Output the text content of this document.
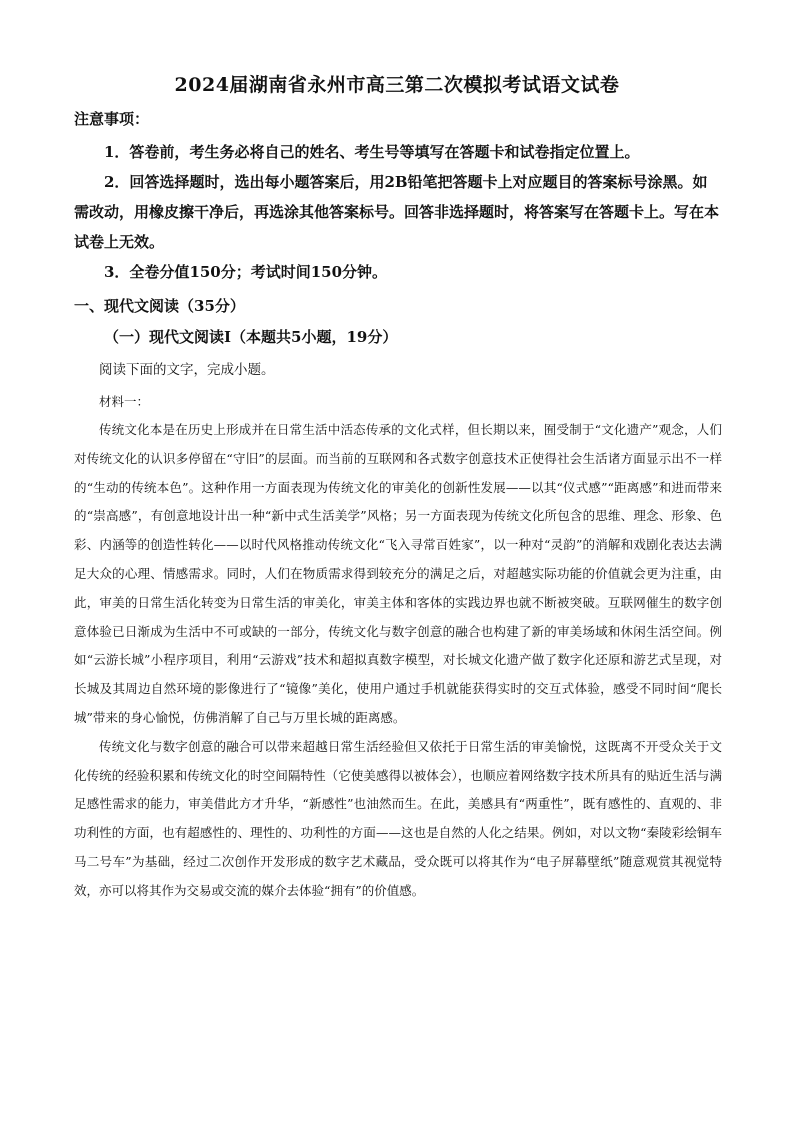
2024届湖南省永州市高三第二次模拟考试语文试卷
注意事项：

1．答卷前，考生务必将自己的姓名、考生号等填写在答题卡和试卷指定位置上。

2．回答选择题时，选出每小题答案后，用2B铅笔把答题卡上对应题目的答案标号涂黑。如需改动，用橡皮擦干净后，再选涂其他答案标号。回答非选择题时，将答案写在答题卡上。写在本试卷上无效。

3．全卷分值150分；考试时间150分钟。

一、现代文阅读（35分）
（一）现代文阅读Ⅰ（本题共5小题，19分）
阅读下面的文字，完成小题。
材料一：

传统文化本是在历史上形成并在日常生活中活态传承的文化式样，但长期以来，囿受制于“文化遗产”观念，人们对传统文化的认识多停留在“守旧”的层面。而当前的互联网和各式数字创意技术正使得社会生活诸方面显示出不一样的“生动的传统本色”。这种作用一方面表现为传统文化的审美化的创新性发展——以其“仪式感”“距离感”和进而带来的“崇高感”，有创意地设计出一种“新中式生活美学”风格；另一方面表现为传统文化所包含的思维、理念、形象、色彩、内涵等的创造性转化——以时代风格推动传统文化“飞入寻常百姓家”，以一种对“灵韵”的消解和戏剧化表达去满足大众的心理、情感需求。同时，人们在物质需求得到较充分的满足之后，对超越实际功能的价值就会更为注重，由此，审美的日常生活化转变为日常生活的审美化，审美主体和客体的实践边界也就不断被突破。互联网催生的数字创意体验已日渐成为生活中不可或缺的一部分，传统文化与数字创意的融合也构建了新的审美场域和休闲生活空间。例如“云游长城”小程序项目，利用“云游戏”技术和超拟真数字模型，对长城文化遗产做了数字化还原和游艺式呈现，对长城及其周边自然环境的影像进行了“镜像”美化，使用户通过手机就能获得实时的交互式体验，感受不同时间“爬长城”带来的身心愉悦，仿佛消解了自己与万里长城的距离感。

传统文化与数字创意的融合可以带来超越日常生活经验但又依托于日常生活的审美愉悦，这既离不开受众关于文化传统的经验积累和传统文化的时空间隔特性（它使美感得以被体会），也顺应着网络数字技术所具有的贴近生活与满足感性需求的能力，审美借此方才升华，“新感性”也油然而生。在此，美感具有“两重性”，既有感性的、直观的、非功利性的方面，也有超感性的、理性的、功利性的方面——这也是自然的人化之结果。例如，对以文物“秦陵彩绘铜车马二号车”为基础，经过二次创作开发形成的数字艺术藏品，受众既可以将其作为“电子屏幕壁纸”随意观赏其视觉特效，亦可以将其作为交易或交流的媒介去体验“拥有”的价值感。
